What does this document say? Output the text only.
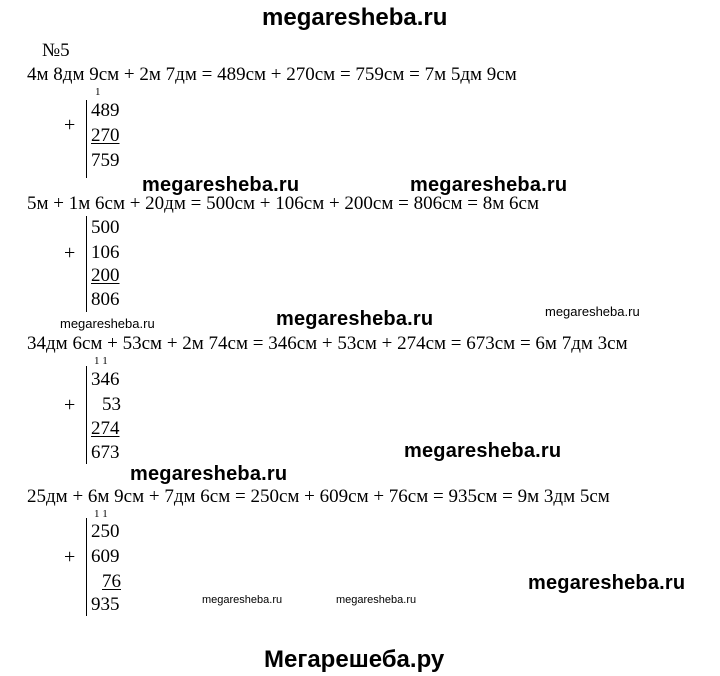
megaresheba.ru
№5
4м 8дм 9см + 2м 7дм = 489см + 270см = 759см = 7м 5дм 9см
1
+
489
270
759
megaresheba.ru	megaresheba.ru
5м + 1м 6см + 20дм = 500см + 106см + 200см = 806см = 8м 6см
+
500
106
200
806
megaresheba.ru
megaresheba.ru	megaresheba.ru
34дм 6см + 53см + 2м 74см = 346см + 53см + 274см = 673см = 6м 7дм 3см
1 1
+
346
53
274
673	megaresheba.ru
megaresheba.ru
25дм + 6м 9см + 7дм 6см = 250см + 609см + 76см = 935см = 9м 3дм 5см
1 1
+
250
609
76
935
megaresheba.ru
megaresheba.ru	megaresheba.ru
Мегарешеба.ру
